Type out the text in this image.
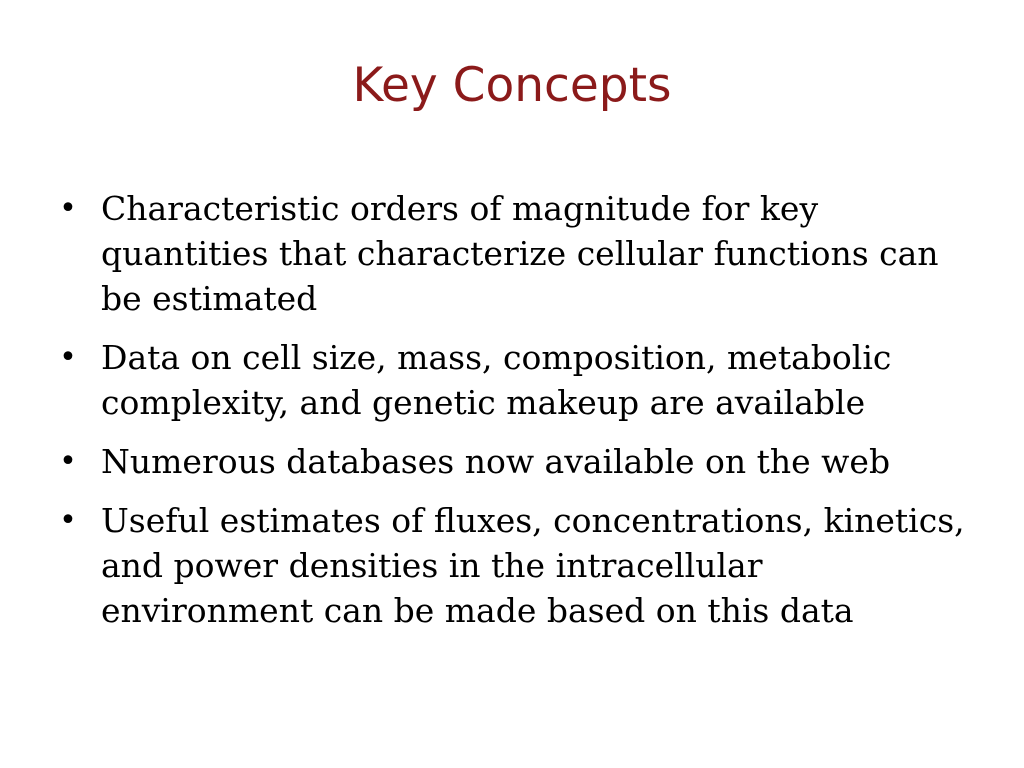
Key Concepts
• Characteristic orders of magnitude for key quantities that characterize cellular functions can be estimated
• Data on cell size, mass, composition, metabolic complexity, and genetic makeup are available
• Numerous databases now available on the web
• Useful estimates of fluxes, concentrations, kinetics, and power densities in the intracellular environment can be made based on this data
